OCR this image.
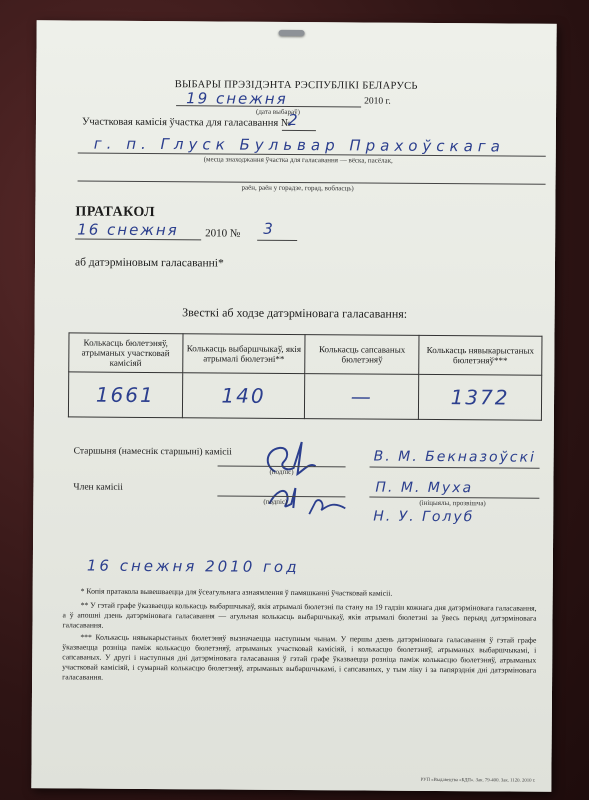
ВЫБАРЫ ПРЭЗІДЭНТА РЭСПУБЛІКІ БЕЛАРУСЬ
19 снежня	2010 г.
(дата выбараў)
Участковая камісія ўчастка для галасавання №
2
г. п. Глуск Бульвар Прахоўскага
(месца знаходжання ўчастка для галасавання — вёска, пасёлак,
раён, раён у горадзе, горад, вобласць)
ПРАТАКОЛ
16 снежня 2010 № 3
аб датэрміновым галасаванні*
Звесткі аб ходзе датэрміновага галасавання:
Колькасць бюлетэняў, атрыманых участковай камісіяй	Колькасць выбаршчыкаў, якія атрымалі бюлетэні**	Колькасць сапсаваных бюлетэняў	Колькасць нявыкарыстаных бюлетэняў***
1661	140	—	1372
Старшыня (намеснік старшыні) камісіі
Член камісіі
(подпіс)
В. М. Бекназоўскі
(подпіс)
П. М. Муха
(ініцыялы, прозвішча)
Н. У. Голуб
16 снежня 2010 год
* Копія пратакола вывешваецца для ўсеагульнага азнаямлення ў памяшканні ўчастковай камісіі.
** У гэтай графе ўказваецца колькасць выбаршчыкаў, якія атрымалі бюлетэні па стану на 19 гадзін кожнага дня датэрміновага галасавання, а ў апошні дзень датэрміновага галасавання — агульная колькасць выбаршчыкаў, якія атрымалі бюлетэні за ўвесь перыяд датэрміновага галасавання.
*** Колькасць нявыкарыстаных бюлетэняў вызначаецца наступным чынам. У першы дзень датэрміновага галасавання ў гэтай графе ўказваецца розніца паміж колькасцю бюлетэняў, атрыманых участковай камісіяй, і колькасцю бюлетэняў, атрыманых выбаршчыкамі, і сапсаваных. У другі і наступныя дні датэрміновага галасавання ў гэтай графе ўказваецца розніца паміж колькасцю бюлетэняў, атрыманых участковай камісіяй, і сумарнай колькасцю бюлетэняў, атрыманых выбаршчыкамі, і сапсаваных, у тым ліку і за папярэднія дні датэрміновага галасавання.
РУП «Выдавецтва «БДП». Зак. 79-400. Зак. 1120. 2010 г.
